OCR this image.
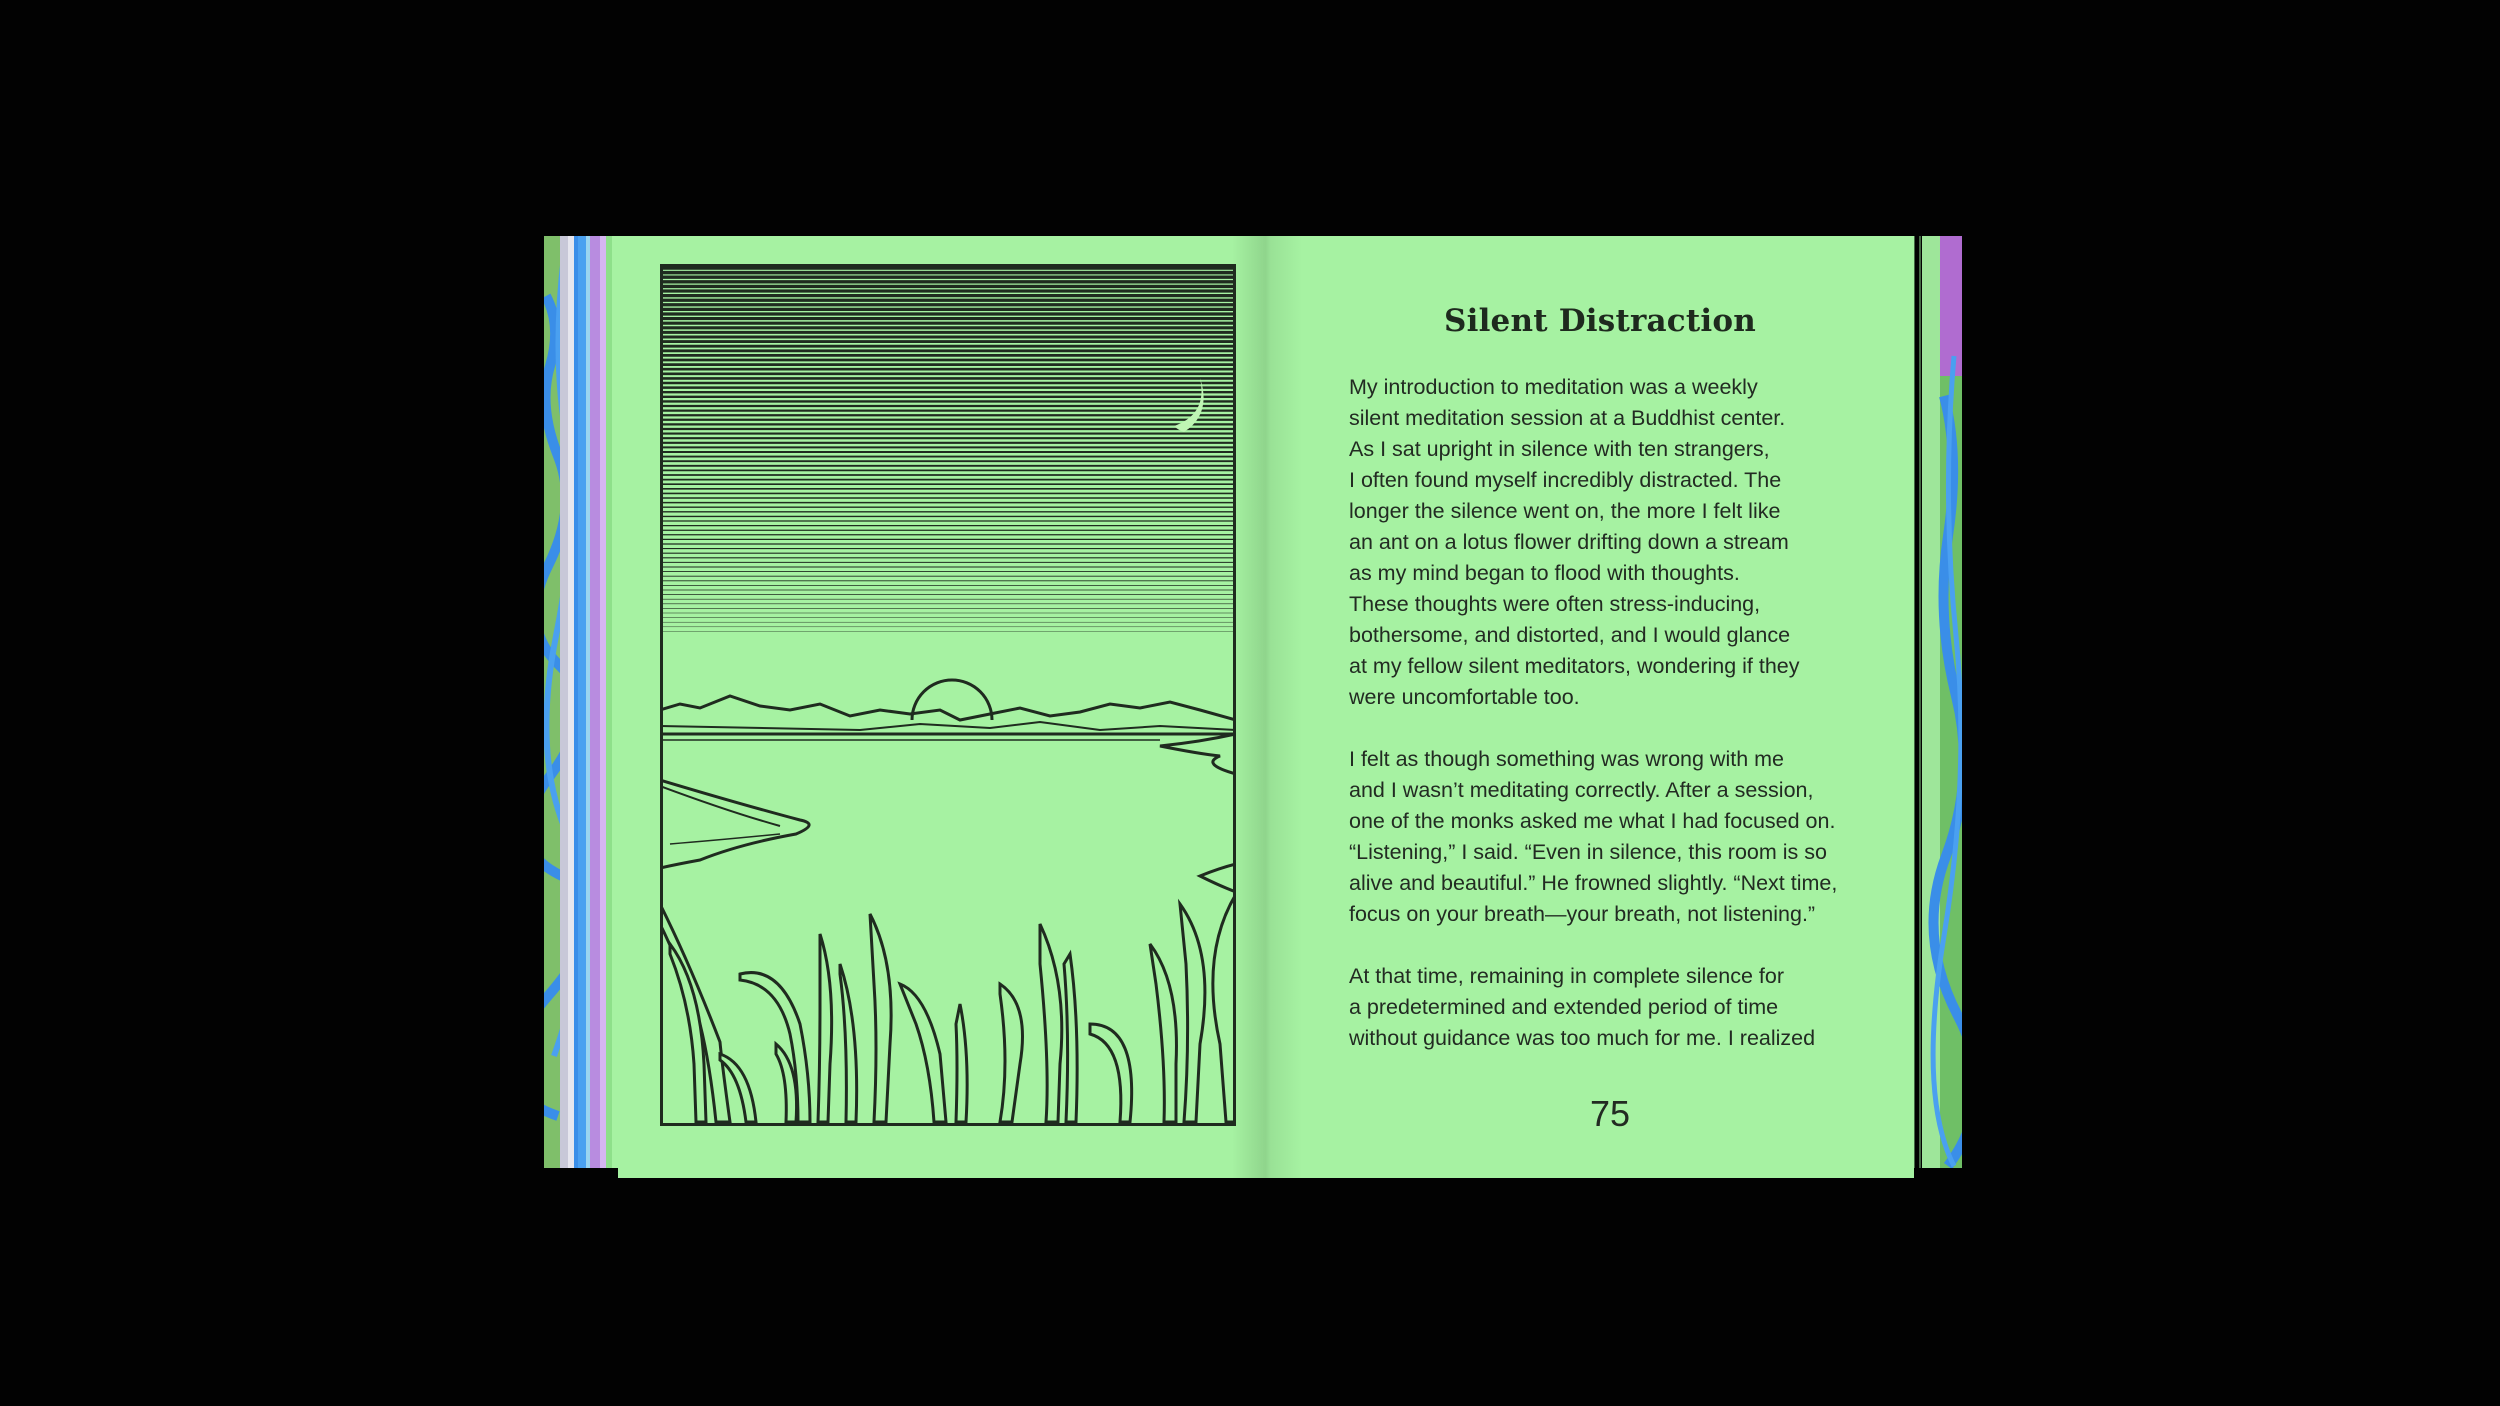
Silent Distraction
My introduction to meditation was a weekly
silent meditation session at a Buddhist center.
As I sat upright in silence with ten strangers,
I often found myself incredibly distracted. The
longer the silence went on, the more I felt like
an ant on a lotus flower drifting down a stream
as my mind began to flood with thoughts.
These thoughts were often stress-inducing,
bothersome, and distorted, and I would glance
at my fellow silent meditators, wondering if they
were uncomfortable too.
I felt as though something was wrong with me
and I wasn’t meditating correctly. After a session,
one of the monks asked me what I had focused on.
“Listening,” I said. “Even in silence, this room is so
alive and beautiful.” He frowned slightly. “Next time,
focus on your breath—your breath, not listening.”
At that time, remaining in complete silence for
a predetermined and extended period of time
without guidance was too much for me. I realized
75
